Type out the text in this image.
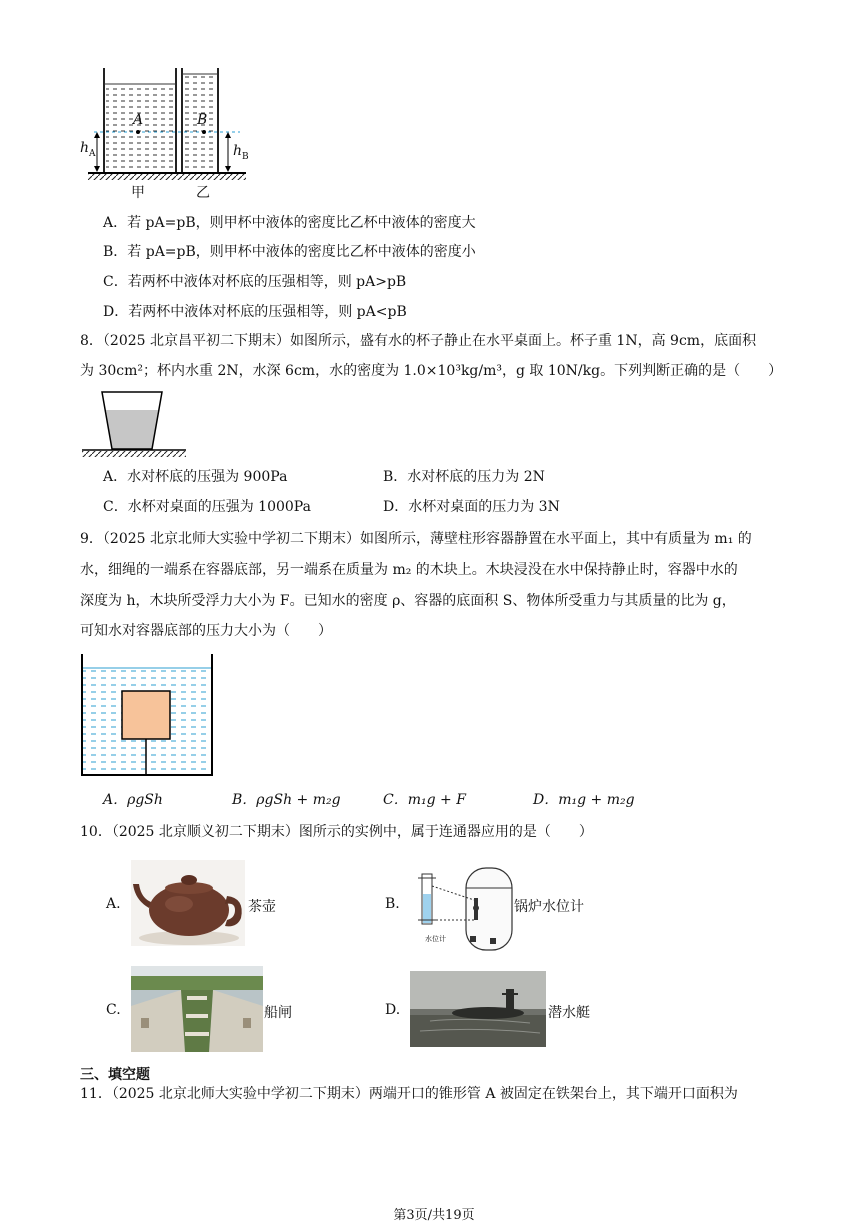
A	B
$h_A$	$h_B$
甲	乙
A．若 pA=pB，则甲杯中液体的密度比乙杯中液体的密度大
B．若 pA=pB，则甲杯中液体的密度比乙杯中液体的密度小
C．若两杯中液体对杯底的压强相等，则 pA>pB
D．若两杯中液体对杯底的压强相等，则 pA<pB
8．（2025 北京昌平初二下期末）如图所示，盛有水的杯子静止在水平桌面上。杯子重 1N，高 9cm，底面积
为 30cm²；杯内水重 2N，水深 6cm，水的密度为 1.0×10³kg/m³，g 取 10N/kg。下列判断正确的是（　　）
A．水对杯底的压强为 900Pa	B．水对杯底的压力为 2N
C．水杯对桌面的压强为 1000Pa	D．水杯对桌面的压力为 3N
9．（2025 北京北师大实验中学初二下期末）如图所示，薄壁柱形容器静置在水平面上，其中有质量为 m₁ 的
水，细绳的一端系在容器底部，另一端系在质量为 m₂ 的木块上。木块浸没在水中保持静止时，容器中水的
深度为 h，木块所受浮力大小为 F。已知水的密度 ρ、容器的底面积 S、物体所受重力与其质量的比为 g，
可知水对容器底部的压力大小为（　　）
A．ρgSh	B．ρgSh + m₂g	C．m₁g + F	D．m₁g + m₂g
10．（2025 北京顺义初二下期末）图所示的实例中，属于连通器应用的是（　　）
A.	茶壶	B.
水位计
锅炉水位计
C.	船闸	D.	潜水艇
三、填空题
11．（2025 北京北师大实验中学初二下期末）两端开口的锥形管 A 被固定在铁架台上，其下端开口面积为
第3页/共19页
